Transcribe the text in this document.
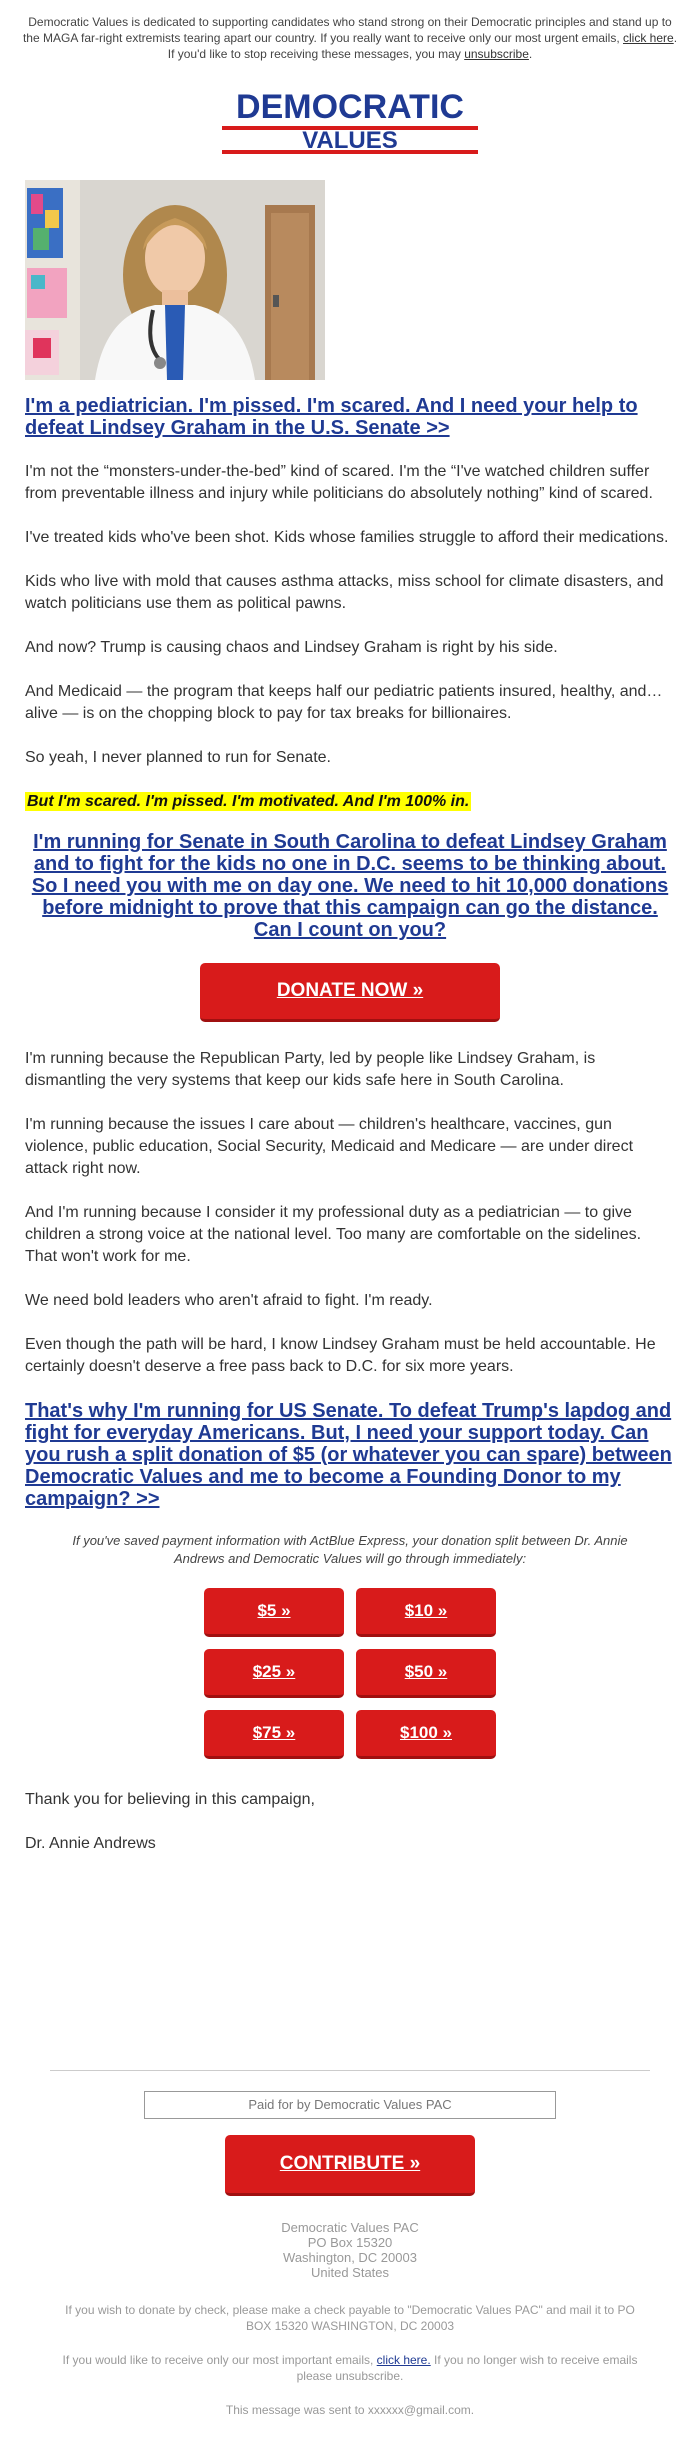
Democratic Values is dedicated to supporting candidates who stand strong on their Democratic principles and stand up to the MAGA far-right extremists tearing apart our country. If you really want to receive only our most urgent emails, click here. If you'd like to stop receiving these messages, you may unsubscribe.
DEMOCRATIC
VALUES
I'm a pediatrician. I'm pissed. I'm scared. And I need your help to defeat Lindsey Graham in the U.S. Senate >>

I'm not the “monsters-under-the-bed” kind of scared. I'm the “I've watched children suffer from preventable illness and injury while politicians do absolutely nothing” kind of scared.

I've treated kids who've been shot. Kids whose families struggle to afford their medications.

Kids who live with mold that causes asthma attacks, miss school for climate disasters, and watch politicians use them as political pawns.

And now? Trump is causing chaos and Lindsey Graham is right by his side.

And Medicaid — the program that keeps half our pediatric patients insured, healthy, and…alive — is on the chopping block to pay for tax breaks for billionaires.

So yeah, I never planned to run for Senate.

But I'm scared. I'm pissed. I'm motivated. And I'm 100% in.

I'm running for Senate in South Carolina to defeat Lindsey Graham and to fight for the kids no one in D.C. seems to be thinking about. So I need you with me on day one. We need to hit 10,000 donations before midnight to prove that this campaign can go the distance. Can I count on you?
DONATE NOW »

I'm running because the Republican Party, led by people like Lindsey Graham, is dismantling the very systems that keep our kids safe here in South Carolina.

I'm running because the issues I care about — children's healthcare, vaccines, gun violence, public education, Social Security, Medicaid and Medicare — are under direct attack right now.

And I'm running because I consider it my professional duty as a pediatrician — to give children a strong voice at the national level. Too many are comfortable on the sidelines. That won't work for me.

We need bold leaders who aren't afraid to fight. I'm ready.

Even though the path will be hard, I know Lindsey Graham must be held accountable. He certainly doesn't deserve a free pass back to D.C. for six more years.

That's why I'm running for US Senate. To defeat Trump's lapdog and fight for everyday Americans. But, I need your support today. Can you rush a split donation of $5 (or whatever you can spare) between Democratic Values and me to become a Founding Donor to my campaign? >>
If you've saved payment information with ActBlue Express, your donation split between Dr. Annie Andrews and Democratic Values will go through immediately:
$5 »	$10 »
$25 »	$50 »
$75 »	$100 »

Thank you for believing in this campaign,

Dr. Annie Andrews

Paid for by Democratic Values PAC
CONTRIBUTE »
Democratic Values PAC
PO Box 15320
Washington, DC 20003
United States
If you wish to donate by check, please make a check payable to "Democratic Values PAC" and mail it to PO BOX 15320 WASHINGTON, DC 20003
If you would like to receive only our most important emails, click here. If you no longer wish to receive emails please unsubscribe.
This message was sent to xxxxxx@gmail.com.
